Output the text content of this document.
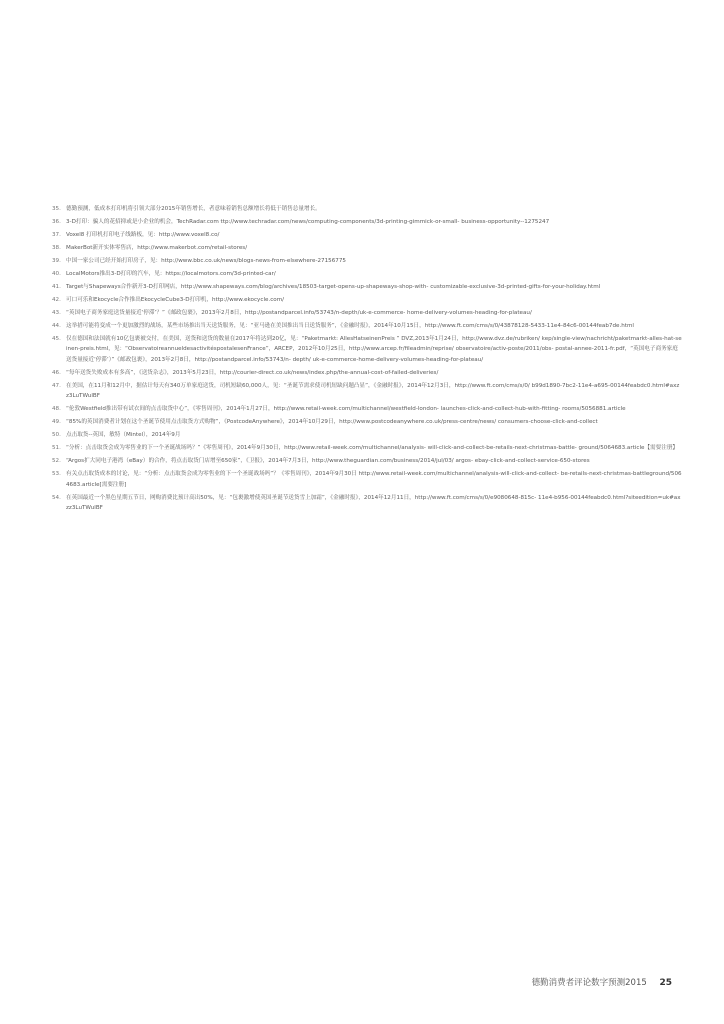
35. 德勤预测，低成本打印机将引领大部分2015年销售增长，者意味着销售总额增长将低于销售总量增长。
36. 3-D打印：骗人的花招抑或是小企业的机会，TechRadar.com ttp://www.techradar.com/news/computing-components/3d-printing-gimmick-or-small- business-opportunity--1275247
37. Voxel8 打印机打印电子线路板，见：http://www.voxel8.co/
38. MakerBot新开实体零售店，http://www.makerbot.com/retail-stores/
39. 中国一家公司已经开始打印房子，见：http://www.bbc.co.uk/news/blogs-news-from-elsewhere-27156775
40. LocalMotors推出3-D打印的汽车，见：https://localmotors.com/3d-printed-car/
41. Target与Shapeways合作新开3-D打印网店，http://www.shapeways.com/blog/archives/18503-target-opens-up-shapeways-shop-with- customizable-exclusive-3d-printed-gifts-for-your-holiday.html
42. 可口可乐和Ekocycle合作推出EkocycleCube3-D打印机，http://www.ekocycle.com/
43. “英国电子商务家庭送货量接近‘停滞’？”《邮政包裹》，2013年2月8日，http://postandparcel.info/53743/n-depth/uk-e-commerce- home-delivery-volumes-heading-for-plateau/
44. 这举措可能将变成一个更加激烈的战场，某些市场推出当天送货服务，见：“亚马逊在美国推出当日送货服务”，《金融时报》，2014年10月15日，http://www.ft.com/cms/s/0/43878128-5433-11e4-84c6-00144feab7de.html
45. 仅在德国和法国就有10亿包裹被交付，在美国，送货和送货的数量在2017年将达到20亿，见：“Paketmarkt: AllesHatseinenPreis ” DVZ,2013年1月24日，http://www.dvz.de/rubriken/ kep/single-view/nachricht/paketmarkt-alles-hat-seinen-preis.html，见：“ObservatoireannueldesactivitéspostalesenFrance”，ARCEP，2012年10月25日，http://www.arcep.fr/fileadmin/reprise/ observatoire/activ-poste/2011/obs- postal-annee-2011-fr.pdf，“英国电子商务家庭送货量接近‘停滞’）”《邮政包裹》，2013年2月8日，http://postandparcel.info/53743/n- depth/ uk-e-commerce-home-delivery-volumes-heading-for-plateau/
46. “每年送货失败成本有多高”，《送货杂志》，2013年5月23日，http://courier-direct.co.uk/news/index.php/the-annual-cost-of-failed-deliveries/
47. 在美国，在11月和12月中，据估计每天有340万单家庭送货，司机短缺60,000人，见：“圣诞节需求使司机短缺问题凸显”，《金融时报》，2014年12月3日，http://www.ft.com/cms/s/0/ b99d1890-7bc2-11e4-a695-00144feabdc0.html#axzz3LuTWulBF
48. “伦敦Westfield推出带有试衣间的点击取货中心”，《零售周刊》，2014年1月27日，http://www.retail-week.com/multichannel/westfield-london- launches-click-and-collect-hub-with-fitting- rooms/5056881.article
49. “85%的英国消费者计划在这个圣诞节使用点击取货方式购物”，《PostcodeAnywhere》，2014年10月29日，http://www.postcodeanywhere.co.uk/press-centre/news/ consumers-choose-click-and-collect
50. 点击取货--英国，敏特（Mintel），2014年9月
51. “分析：点击取货会成为零售业的下一个圣诞战场吗？”《零售周刊》，2014年9月30日，http://www.retail-week.com/multichannel/analysis- will-click-and-collect-be-retails-next-christmas-battle- ground/5064683.article【需要注册】
52. “Argos扩大同电子港湾（eBay）的合作，将点击取货门店增至650家”，《卫报》，2014年7月3日，http://www.theguardian.com/business/2014/jul/03/ argos- ebay-click-and-collect-service-650-stores
53. 有关点击取货成本的讨论，见：“分析：点击取货会成为零售业的下一个圣诞战场吗”？《零售周刊》，2014年9月30日 http://www.retail-week.com/multichannel/analysis-will-click-and-collect- be-retails-next-christmas-battleground/5064683.article[需要注册]
54. 在英国最近一个黑色星期五节日，网购消费比预计高出50%，见：“包裹激增使英国圣诞节送货雪上加霜”，《金融时报》，2014年12月11日，http://www.ft.com/cms/s/0/e9080648-815c- 11e4-b956-00144feabdc0.html?siteedition=uk#axzz3LuTWulBF
德勤消费者评论数字预测2015 25
